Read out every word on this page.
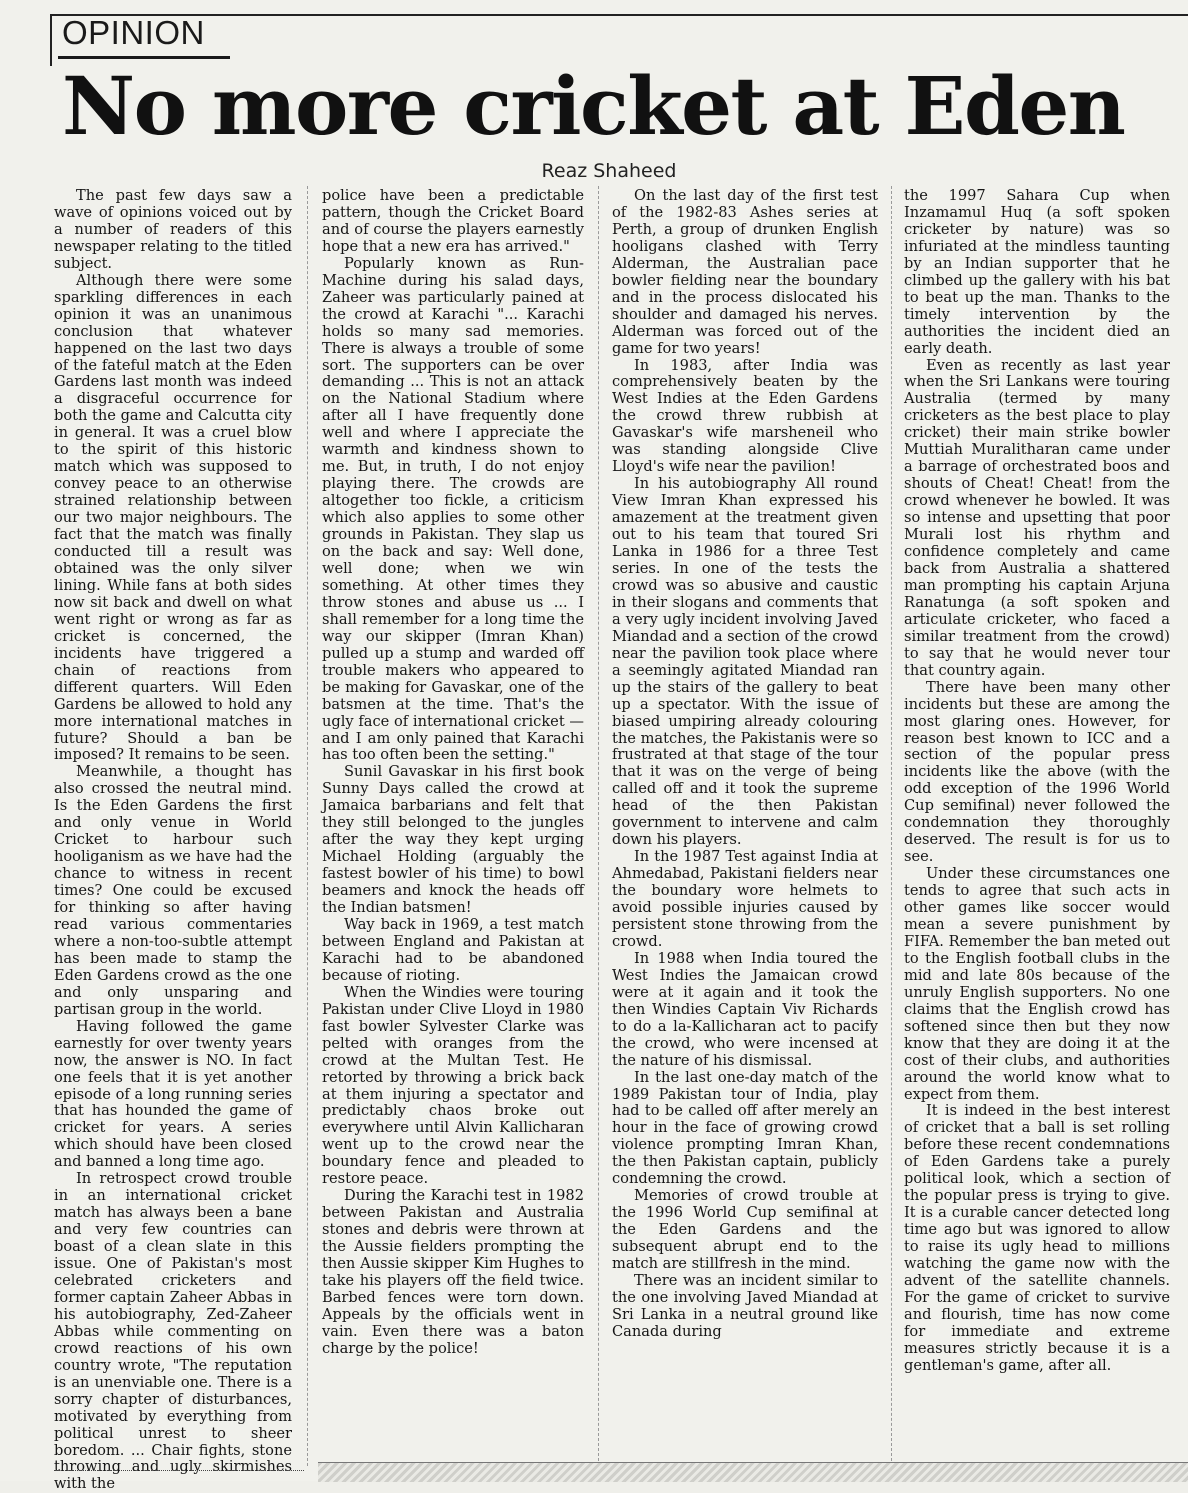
OPINION
No more cricket at Eden
Reaz Shaheed

The past few days saw a wave of opinions voiced out by a number of readers of this newspaper relating to the titled subject.

Although there were some sparkling differences in each opinion it was an unanimous conclusion that whatever happened on the last two days of the fateful match at the Eden Gardens last month was indeed a disgraceful occurrence for both the game and Calcutta city in general. It was a cruel blow to the spirit of this historic match which was supposed to convey peace to an otherwise strained relationship between our two major neighbours. The fact that the match was finally conducted till a result was obtained was the only silver lining. While fans at both sides now sit back and dwell on what went right or wrong as far as cricket is concerned, the incidents have triggered a chain of reactions from different quarters. Will Eden Gardens be allowed to hold any more international matches in future? Should a ban be imposed? It remains to be seen.

Meanwhile, a thought has also crossed the neutral mind. Is the Eden Gardens the first and only venue in World Cricket to harbour such hooliganism as we have had the chance to witness in recent times? One could be excused for thinking so after having read various commentaries where a non-too-subtle attempt has been made to stamp the Eden Gardens crowd as the one and only unsparing and partisan group in the world.

Having followed the game earnestly for over twenty years now, the answer is NO. In fact one feels that it is yet another episode of a long running series that has hounded the game of cricket for years. A series which should have been closed and banned a long time ago.

In retrospect crowd trouble in an international cricket match has always been a bane and very few countries can boast of a clean slate in this issue. One of Pakistan's most celebrated cricketers and former captain Zaheer Abbas in his autobiography, Zed-Zaheer Abbas while commenting on crowd reactions of his own country wrote, "The reputation is an unenviable one. There is a sorry chapter of disturbances, motivated by everything from political unrest to sheer boredom. ... Chair fights, stone throwing and ugly skirmishes with the

police have been a predictable pattern, though the Cricket Board and of course the players earnestly hope that a new era has arrived."

Popularly known as Run-Machine during his salad days, Zaheer was particularly pained at the crowd at Karachi "... Karachi holds so many sad memories. There is always a trouble of some sort. The supporters can be over demanding ... This is not an attack on the National Stadium where after all I have frequently done well and where I appreciate the warmth and kindness shown to me. But, in truth, I do not enjoy playing there. The crowds are altogether too fickle, a criticism which also applies to some other grounds in Pakistan. They slap us on the back and say: Well done, well done; when we win something. At other times they throw stones and abuse us ... I shall remember for a long time the way our skipper (Imran Khan) pulled up a stump and warded off trouble makers who appeared to be making for Gavaskar, one of the batsmen at the time. That's the ugly face of international cricket — and I am only pained that Karachi has too often been the setting."

Sunil Gavaskar in his first book Sunny Days called the crowd at Jamaica barbarians and felt that they still belonged to the jungles after the way they kept urging Michael Holding (arguably the fastest bowler of his time) to bowl beamers and knock the heads off the Indian batsmen!

Way back in 1969, a test match between England and Pakistan at Karachi had to be abandoned because of rioting.

When the Windies were touring Pakistan under Clive Lloyd in 1980 fast bowler Sylvester Clarke was pelted with oranges from the crowd at the Multan Test. He retorted by throwing a brick back at them injuring a spectator and predictably chaos broke out everywhere until Alvin Kallicharan went up to the crowd near the boundary fence and pleaded to restore peace.

During the Karachi test in 1982 between Pakistan and Australia stones and debris were thrown at the Aussie fielders prompting the then Aussie skipper Kim Hughes to take his players off the field twice. Barbed fences were torn down. Appeals by the officials went in vain. Even there was a baton charge by the police!

On the last day of the first test of the 1982-83 Ashes series at Perth, a group of drunken English hooligans clashed with Terry Alderman, the Australian pace bowler fielding near the boundary and in the process dislocated his shoulder and damaged his nerves. Alderman was forced out of the game for two years!

In 1983, after India was comprehensively beaten by the West Indies at the Eden Gardens the crowd threw rubbish at Gavaskar's wife marsheneil who was standing alongside Clive Lloyd's wife near the pavilion!

In his autobiography All round View Imran Khan expressed his amazement at the treatment given out to his team that toured Sri Lanka in 1986 for a three Test series. In one of the tests the crowd was so abusive and caustic in their slogans and comments that a very ugly incident involving Javed Miandad and a section of the crowd near the pavilion took place where a seemingly agitated Miandad ran up the stairs of the gallery to beat up a spectator. With the issue of biased umpiring already colouring the matches, the Pakistanis were so frustrated at that stage of the tour that it was on the verge of being called off and it took the supreme head of the then Pakistan government to intervene and calm down his players.

In the 1987 Test against India at Ahmedabad, Pakistani fielders near the boundary wore helmets to avoid possible injuries caused by persistent stone throwing from the crowd.

In 1988 when India toured the West Indies the Jamaican crowd were at it again and it took the then Windies Captain Viv Richards to do a la-Kallicharan act to pacify the crowd, who were incensed at the nature of his dismissal.

In the last one-day match of the 1989 Pakistan tour of India, play had to be called off after merely an hour in the face of growing crowd violence prompting Imran Khan, the then Pakistan captain, publicly condemning the crowd.

Memories of crowd trouble at the 1996 World Cup semifinal at the Eden Gardens and the subsequent abrupt end to the match are stillfresh in the mind.

There was an incident similar to the one involving Javed Miandad at Sri Lanka in a neutral ground like Canada during

the 1997 Sahara Cup when Inzamamul Huq (a soft spoken cricketer by nature) was so infuriated at the mindless taunting by an Indian supporter that he climbed up the gallery with his bat to beat up the man. Thanks to the timely intervention by the authorities the incident died an early death.

Even as recently as last year when the Sri Lankans were touring Australia (termed by many cricketers as the best place to play cricket) their main strike bowler Muttiah Muralitharan came under a barrage of orchestrated boos and shouts of Cheat! Cheat! from the crowd whenever he bowled. It was so intense and upsetting that poor Murali lost his rhythm and confidence completely and came back from Australia a shattered man prompting his captain Arjuna Ranatunga (a soft spoken and articulate cricketer, who faced a similar treatment from the crowd) to say that he would never tour that country again.

There have been many other incidents but these are among the most glaring ones. However, for reason best known to ICC and a section of the popular press incidents like the above (with the odd exception of the 1996 World Cup semifinal) never followed the condemnation they thoroughly deserved. The result is for us to see.

Under these circumstances one tends to agree that such acts in other games like soccer would mean a severe punishment by FIFA. Remember the ban meted out to the English football clubs in the mid and late 80s because of the unruly English supporters. No one claims that the English crowd has softened since then but they now know that they are doing it at the cost of their clubs, and authorities around the world know what to expect from them.

It is indeed in the best interest of cricket that a ball is set rolling before these recent condemnations of Eden Gardens take a purely political look, which a section of the popular press is trying to give. It is a curable cancer detected long time ago but was ignored to allow to raise its ugly head to millions watching the game now with the advent of the satellite channels. For the game of cricket to survive and flourish, time has now come for immediate and extreme measures strictly because it is a gentleman's game, after all.
